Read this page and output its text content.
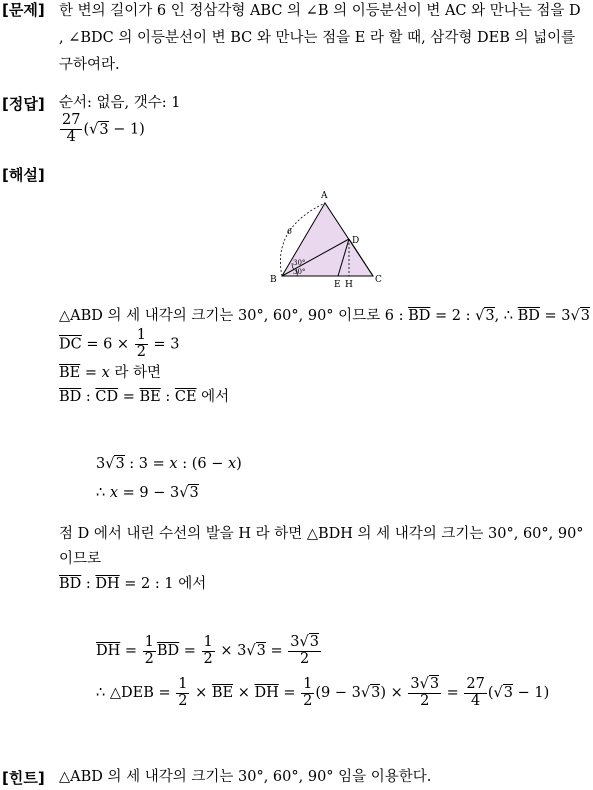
[문제] 한 변의 길이가 6 인 정삼각형 ABC 의 ∠B 의 이등분선이 변 AC 와 만나는 점을 D
, ∠BDC 의 이등분선이 변 BC 와 만나는 점을 E 라 할 때, 삼각형 DEB 의 넓이를
구하여라.
[정답] 순서: 없음, 갯수: 1
$\frac{27}{4} (√3 - 1)$
[해설]
A
B	C
D
E H
6
30°
30°
△ABD 의 세 내각의 크기는 30°, 60°, 90° 이므로 6 : $\overline{BD} = 2$ : √3, ∴ $\overline{BD} = 3√3$
$\overline{DC} = 6 \times \frac{1}{2} = 3$
$\overline{BE} = x$ 라 하면
$\overline{BD}$ : $\overline{CD} = \overline{BE}$ : $\overline{CE}$ 에서
3√3 : 3 = x : (6 − x)
∴ x = 9 − 3√3
점 D 에서 내린 수선의 발을 H 라 하면 △BDH 의 세 내각의 크기는 30°, 60°, 90°
이므로
$\overline{BD}$ : $\overline{DH} = 2$ : 1 에서
$\overline{DH} = \frac{1}{2} \overline{BD} = \frac{1}{2} \times 3√3 = \frac{3√3}{2}$
∴ △DEB = $\frac{1}{2} \times \overline{BE} \times \overline{DH} = \frac{1}{2} (9 - 3√3) \times \frac{3√3}{2} = \frac{27}{4} (√3 - 1)$
[힌트] △ABD 의 세 내각의 크기는 30°, 60°, 90° 임을 이용한다.
